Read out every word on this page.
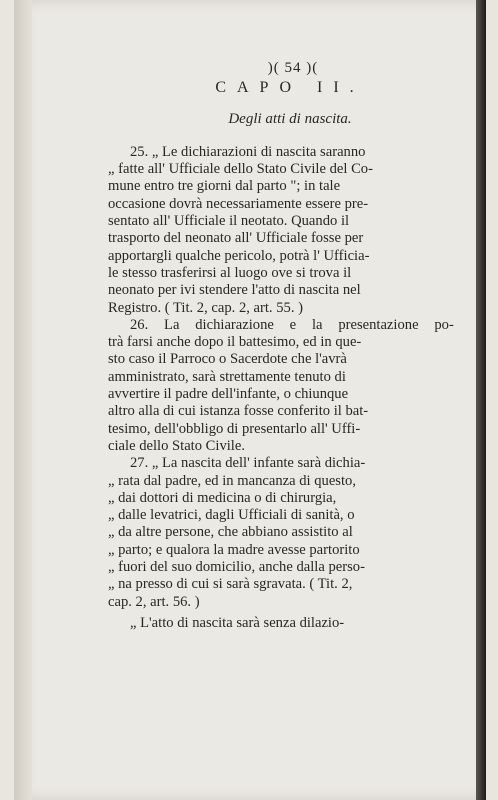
)( 54 )(
CAPO II.
Degli atti di nascita.
25. „ Le dichiarazioni di nascita saranno
„ fatte all' Ufficiale dello Stato Civile del Co-
mune entro tre giorni dal parto "; in tale
occasione dovrà necessariamente essere pre-
sentato all' Ufficiale il neotato. Quando il
trasporto del neonato all' Ufficiale fosse per
apportargli qualche pericolo, potrà l' Ufficia-
le stesso trasferirsi al luogo ove si trova il
neonato per ivi stendere l'atto di nascita nel
Registro. ( Tit. 2, cap. 2, art. 55. )
26. La dichiarazione e la presentazione po-
trà farsi anche dopo il battesimo, ed in que-
sto caso il Parroco o Sacerdote che l'avrà
amministrato, sarà strettamente tenuto di
avvertire il padre dell'infante, o chiunque
altro alla di cui istanza fosse conferito il bat-
tesimo, dell'obbligo di presentarlo all' Uffi-
ciale dello Stato Civile.
27. „ La nascita dell' infante sarà dichia-
„ rata dal padre, ed in mancanza di questo,
„ dai dottori di medicina o di chirurgia,
„ dalle levatrici, dagli Ufficiali di sanità, o
„ da altre persone, che abbiano assistito al
„ parto; e qualora la madre avesse partorito
„ fuori del suo domicilio, anche dalla perso-
„ na presso di cui si sarà sgravata. ( Tit. 2,
cap. 2, art. 56. )
„ L'atto di nascita sarà senza dilazio-
